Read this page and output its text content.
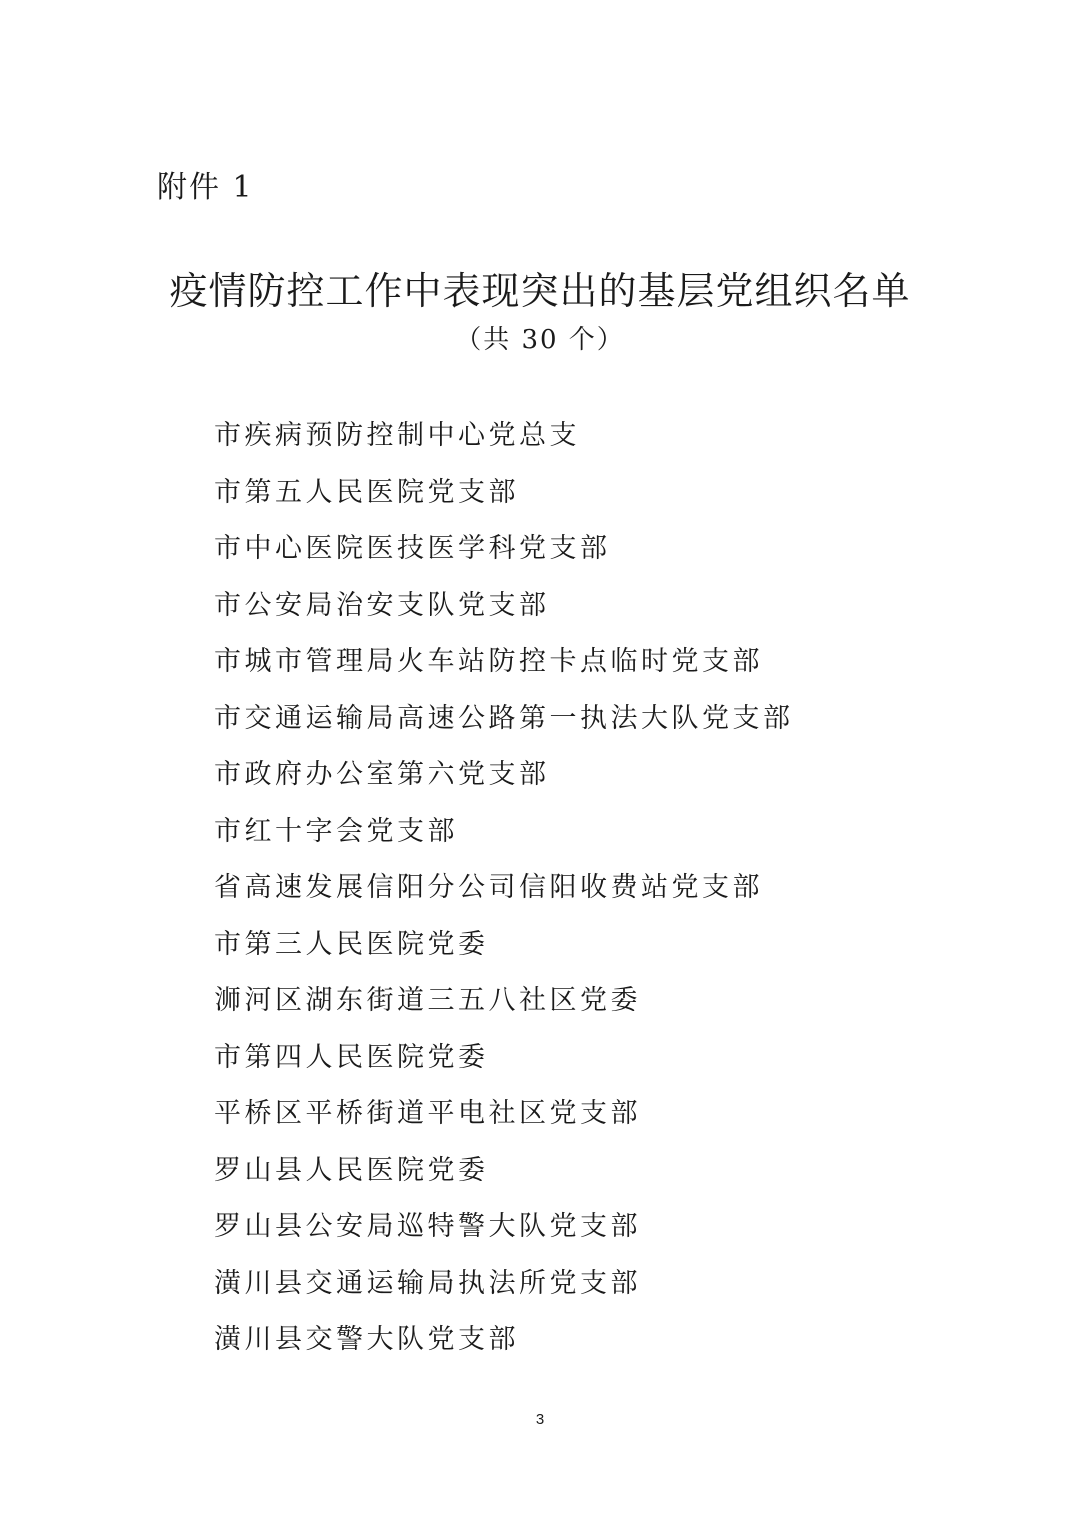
附件 1
疫情防控工作中表现突出的基层党组织名单
（共 30 个）
市疾病预防控制中心党总支
市第五人民医院党支部
市中心医院医技医学科党支部
市公安局治安支队党支部
市城市管理局火车站防控卡点临时党支部
市交通运输局高速公路第一执法大队党支部
市政府办公室第六党支部
市红十字会党支部
省高速发展信阳分公司信阳收费站党支部
市第三人民医院党委
浉河区湖东街道三五八社区党委
市第四人民医院党委
平桥区平桥街道平电社区党支部
罗山县人民医院党委
罗山县公安局巡特警大队党支部
潢川县交通运输局执法所党支部
潢川县交警大队党支部
3
